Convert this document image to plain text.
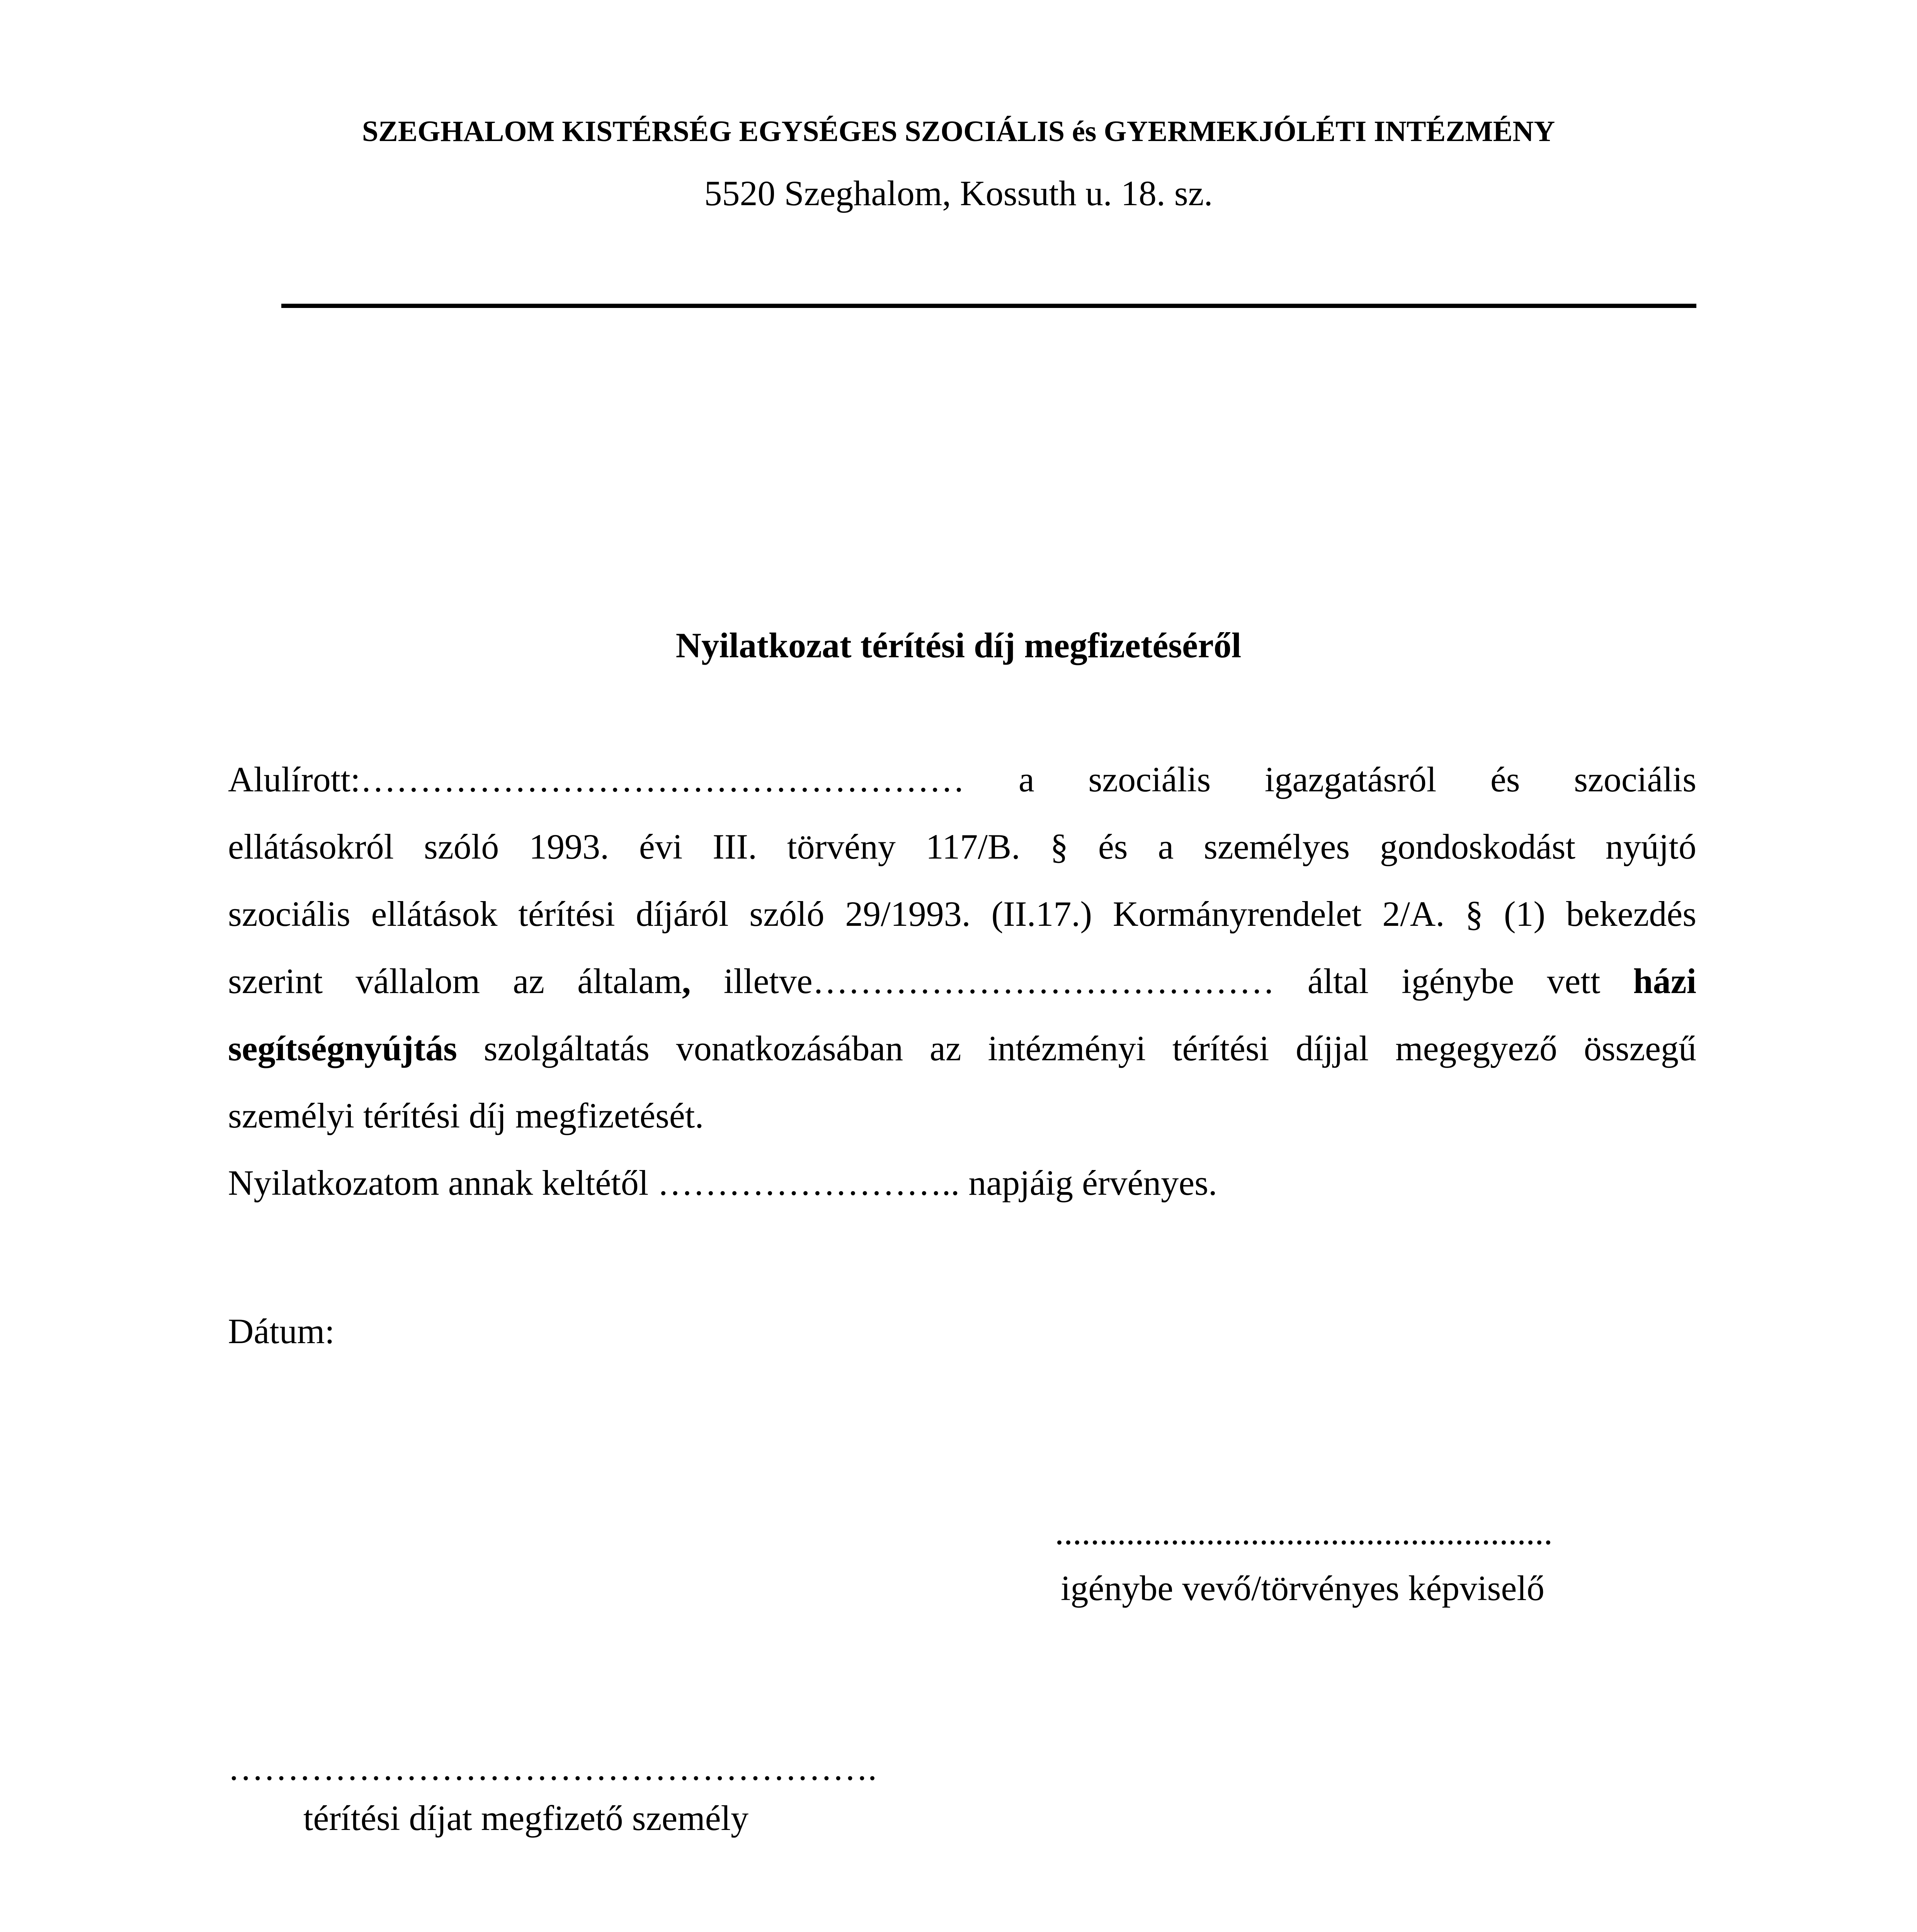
SZEGHALOM KISTÉRSÉG EGYSÉGES SZOCIÁLIS és GYERMEKJÓLÉTI INTÉZMÉNY
5520 Szeghalom, Kossuth u. 18. sz.
Nyilatkozat térítési díj megfizetéséről
Alulírott:…………………………………………… a szociális igazgatásról és szociális
ellátásokról szóló 1993. évi III. törvény 117/B. § és a személyes gondoskodást nyújtó
szociális ellátások térítési díjáról szóló 29/1993. (II.17.) Kormányrendelet 2/A. § (1) bekezdés
szerint vállalom az általam, illetve………………………………… által igénybe vett házi
segítségnyújtás szolgáltatás vonatkozásában az intézményi térítési díjjal megegyező összegű
személyi térítési díj megfizetését.
Nyilatkozatom annak keltétől …………………….. napjáig érvényes.
Dátum:
........................................................
igénybe vevő/törvényes képviselő
……………………………………………….
térítési díjat megfizető személy
